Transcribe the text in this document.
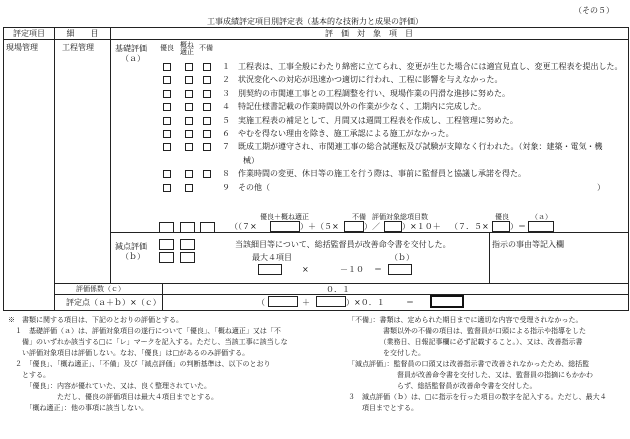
（その５）
工事成績評定項目別評定表（基本的な技術力と成果の評価）
評定項目	細　　目	評　価　対　象　項　目
現場管理	工程管理	基礎評価
（ａ）
優良 概ね適正 不備
１ 工程表は、工事全般にわたり綿密に立てられ、変更が生じた場合には適宜見直し、変更工程表を提出した。
２ 状況変化への対応が迅速かつ適切に行われ、工程に影響を与えなかった。
３ 別契約の市関連工事との工程調整を行い、現場作業の円滑な進捗に努めた。
４ 特記仕様書記載の作業時間以外の作業が少なく、工期内に完成した。
５ 実施工程表の補足として、月間又は週間工程表を作成し、工程管理に努めた。
６ やむを得ない理由を除き、施工承認による施工がなかった。
７ 既成工期が遵守され、市関連工事の総合試運転及び試験が支障なく行われた。（対象：建築・電気・機
械）
８ 作業時間の変更、休日等の施工を行う際は、事前に監督員と協議し承諾を得た。
９ その他（	）
優良＋概ね適正	不備 評価対象総項目数	優良	（ａ）
（（７×	）＋（５×	）／	）×１０＋ （７．５×	）＝
減点評価
（ｂ）
当該細目等について、総括監督員が改善命令書を交付した。
最大４項目	（ｂ）
×	－１０ ＝
指示の事由等記入欄
評価係数（ｃ）	０．１
評定点（ａ＋ｂ）×（ｃ）	（	＋	）×０．１	＝
※　書類に関する項目は、下記のとおりの評価とする。
　１　基礎評価（ａ）は、評価対象項目の遂行について「優良」、「概ね適正」又は「不
　　備」のいずれか該当する□に「レ」マークを記入する。ただし、当該工事に該当しな
　　い評価対象項目は評価しない。なお、「優良」は□があるのみ評価する。
　２　「優良」、「概ね適正」、「不備」及び「減点評価」の判断基準は、以下のとおり
　　とする。
　　　「優良」：内容が優れていた、又は、良く整理されていた。
　　　　　　　ただし、優良の評価項目は最大４項目までとする。
　　　「概ね適正」：他の事項に該当しない。
「不備」：書類は、定められた期日までに適切な内容で受理されなかった。
　　　　　書類以外の不備の項目は、監督員が口頭による指示や指導をした
　　　　　（業務日、日報記事欄に必ず記載すること。）、又は、改善指示書
　　　　　を交付した。
「減点評価」：監督員の口頭又は改善指示書で改善されなかったため、総括監
　　　　　　　督員が改善命令書を交付した、又は、監督員の指摘にもかかわ
　　　　　　　らず、総括監督員が改善命令書を交付した。
３　減点評価（ｂ）は、□に指示を行った項目の数字を記入する。ただし、最大４
　　項目までとする。
